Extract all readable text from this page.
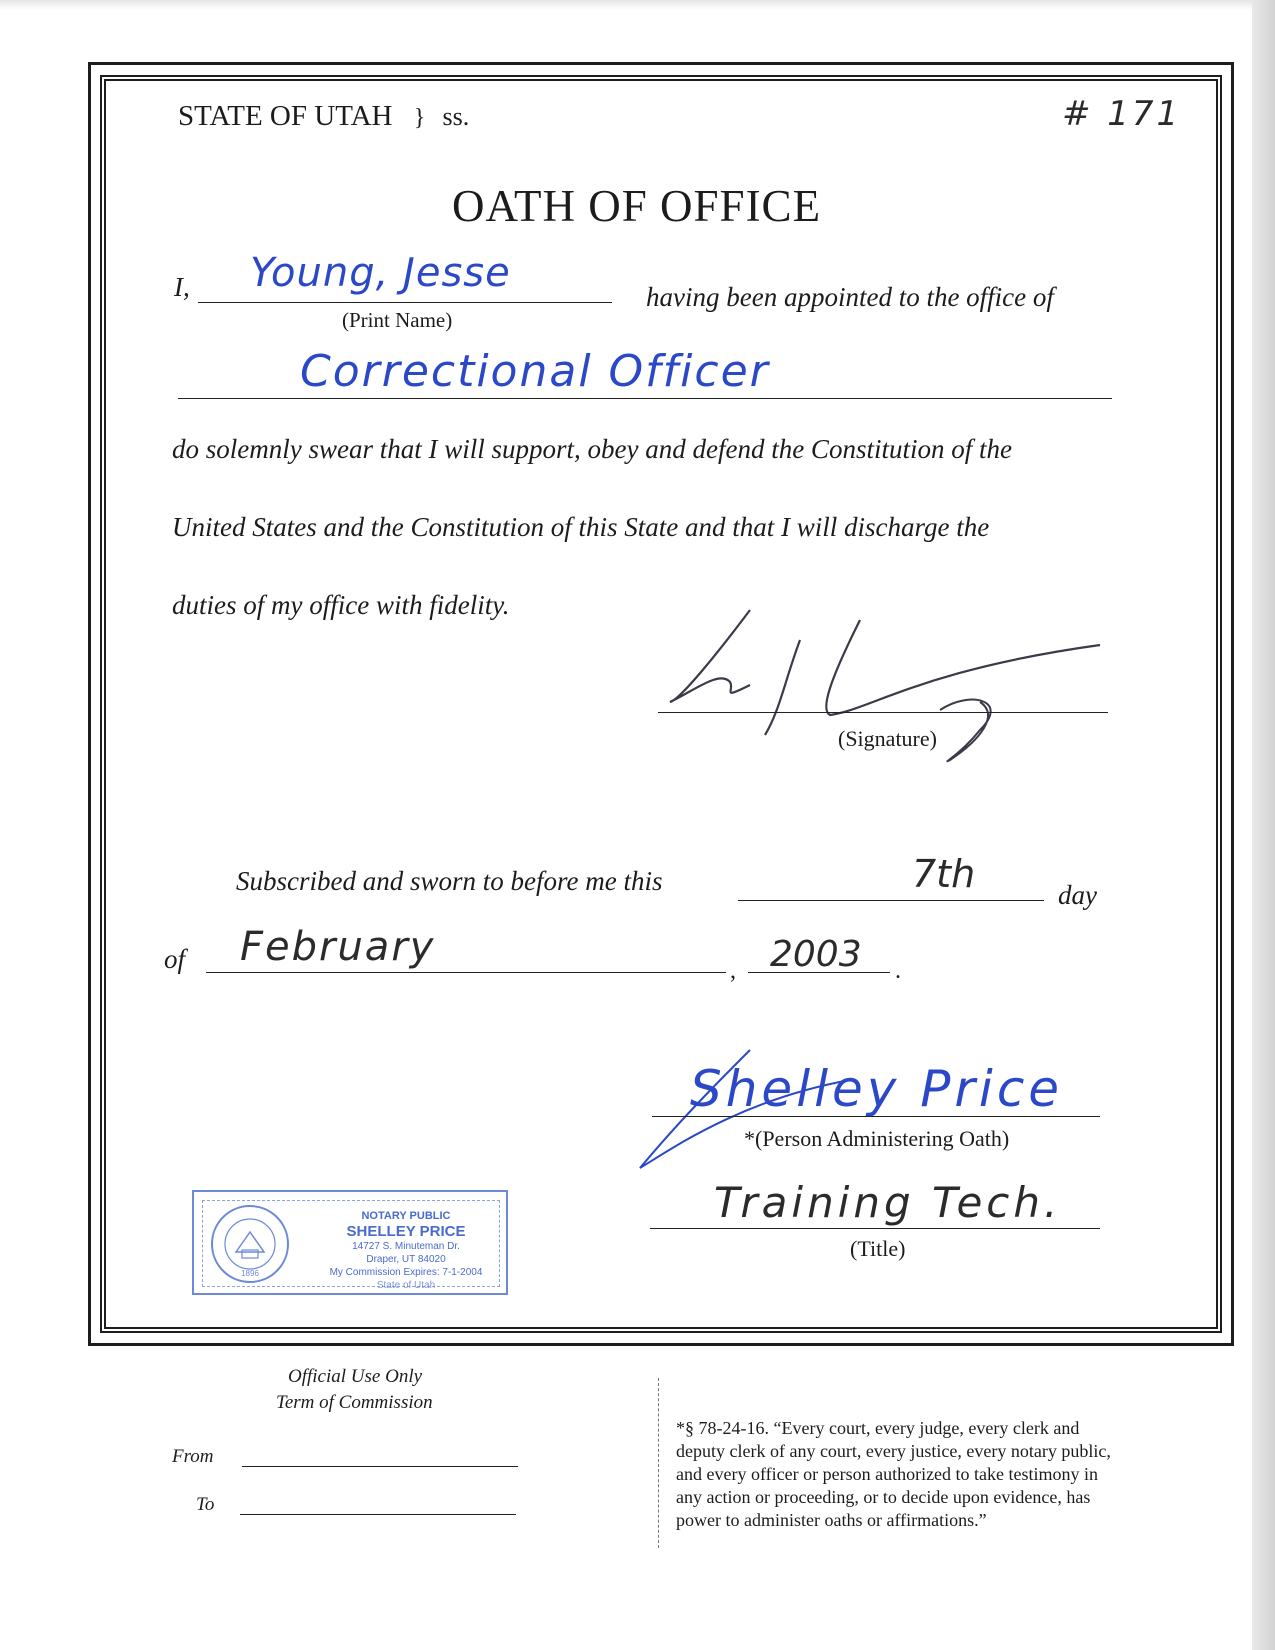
STATE OF UTAH } ss.	# 171
OATH OF OFFICE
I, Young, Jesse
(Print Name)
having been appointed to the office of
Correctional Officer
do solemnly swear that I will support, obey and defend the Constitution of the
United States and the Constitution of this State and that I will discharge the
duties of my office with fidelity.
(Signature)
Subscribed and sworn to before me this	7th	day
of February
, 2003 .
Shelley Price
*(Person Administering Oath)
Training Tech.
(Title)
1896
NOTARY PUBLIC
SHELLEY PRICE
14727 S. Minuteman Dr.
Draper, UT 84020
My Commission Expires: 7-1-2004
State of Utah
Official Use Only
Term of Commission
From
To
*§ 78-24-16. “Every court, every judge, every clerk and
deputy clerk of any court, every justice, every notary public,
and every officer or person authorized to take testimony in
any action or proceeding, or to decide upon evidence, has
power to administer oaths or affirmations.”
